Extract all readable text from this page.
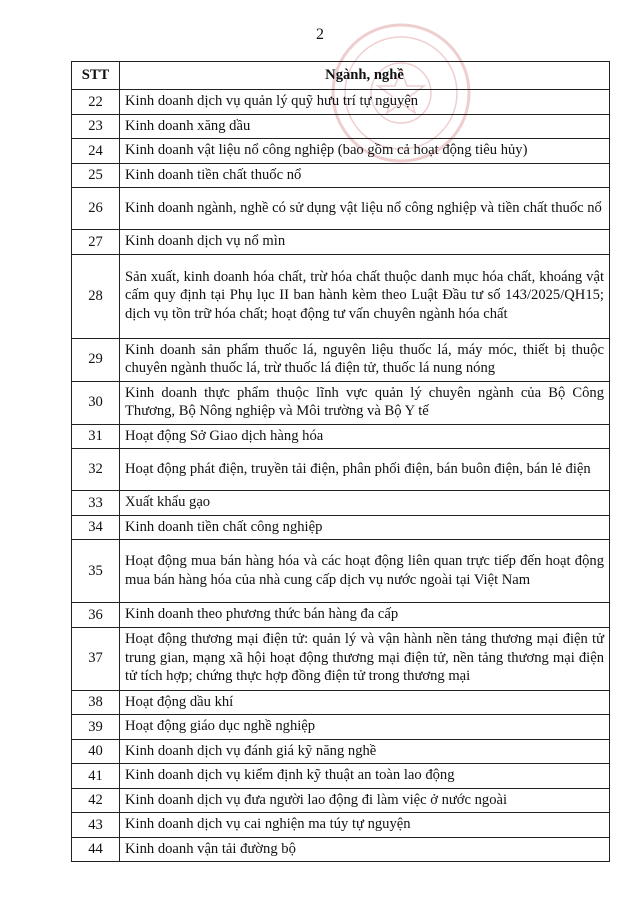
2
STT	Ngành, nghề
22	Kinh doanh dịch vụ quản lý quỹ hưu trí tự nguyện
23	Kinh doanh xăng dầu
24	Kinh doanh vật liệu nổ công nghiệp (bao gồm cả hoạt động tiêu hủy)
25	Kinh doanh tiền chất thuốc nổ
26	Kinh doanh ngành, nghề có sử dụng vật liệu nổ công nghiệp và tiền chất thuốc nổ
27	Kinh doanh dịch vụ nổ mìn
28	Sản xuất, kinh doanh hóa chất, trừ hóa chất thuộc danh mục hóa chất, khoáng vật cấm quy định tại Phụ lục II ban hành kèm theo Luật Đầu tư số 143/2025/QH15; dịch vụ tồn trữ hóa chất; hoạt động tư vấn chuyên ngành hóa chất
29	Kinh doanh sản phẩm thuốc lá, nguyên liệu thuốc lá, máy móc, thiết bị thuộc chuyên ngành thuốc lá, trừ thuốc lá điện tử, thuốc lá nung nóng
30	Kinh doanh thực phẩm thuộc lĩnh vực quản lý chuyên ngành của Bộ Công Thương, Bộ Nông nghiệp và Môi trường và Bộ Y tế
31	Hoạt động Sở Giao dịch hàng hóa
32	Hoạt động phát điện, truyền tải điện, phân phối điện, bán buôn điện, bán lẻ điện
33	Xuất khẩu gạo
34	Kinh doanh tiền chất công nghiệp
35	Hoạt động mua bán hàng hóa và các hoạt động liên quan trực tiếp đến hoạt động mua bán hàng hóa của nhà cung cấp dịch vụ nước ngoài tại Việt Nam
36	Kinh doanh theo phương thức bán hàng đa cấp
37	Hoạt động thương mại điện tử: quản lý và vận hành nền tảng thương mại điện tử trung gian, mạng xã hội hoạt động thương mại điện tử, nền tảng thương mại điện tử tích hợp; chứng thực hợp đồng điện tử trong thương mại
38	Hoạt động dầu khí
39	Hoạt động giáo dục nghề nghiệp
40	Kinh doanh dịch vụ đánh giá kỹ năng nghề
41	Kinh doanh dịch vụ kiểm định kỹ thuật an toàn lao động
42	Kinh doanh dịch vụ đưa người lao động đi làm việc ở nước ngoài
43	Kinh doanh dịch vụ cai nghiện ma túy tự nguyện
44	Kinh doanh vận tải đường bộ
